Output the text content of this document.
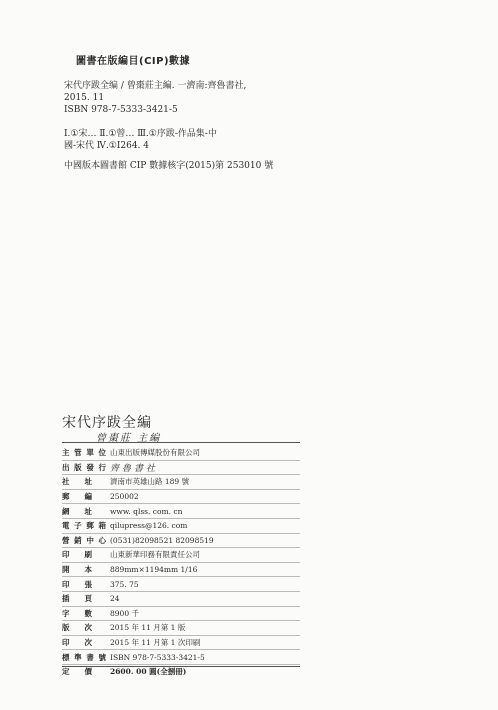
圖書在版編目(CIP)數據
宋代序跋全编 / 曾棗莊主編. 一濟南:齊魯書社,
2015. 11
ISBN 978-7-5333-3421-5
Ⅰ.①宋… Ⅱ.①曾… Ⅲ.①序跋-作品集-中
國-宋代 Ⅳ.①I264. 4
中國版本圖書館 CIP 數據核字(2015)第 253010 號
宋代序跋全編
曾棗莊 主編
主 管 單 位 山東出版傳媒股份有限公司
出 版 發 行 齊魯書社
社 址 濟南市英雄山路 189 號
郵 編 250002
網 址 www. qlss. com. cn
電 子 郵 箱 qilupress@126. com
營 銷 中 心 (0531)82098521 82098519
印 刷 山東新華印務有限責任公司
開 本 889mm×1194mm 1/16
印 張 375. 75
插 頁 24
字 數 8900 千
版 次 2015 年 11 月第 1 版
印 次 2015 年 11 月第 1 次印刷
標 準 書 號 ISBN 978-7-5333-3421-5
定 價 2600. 00 圓(全捌冊)
